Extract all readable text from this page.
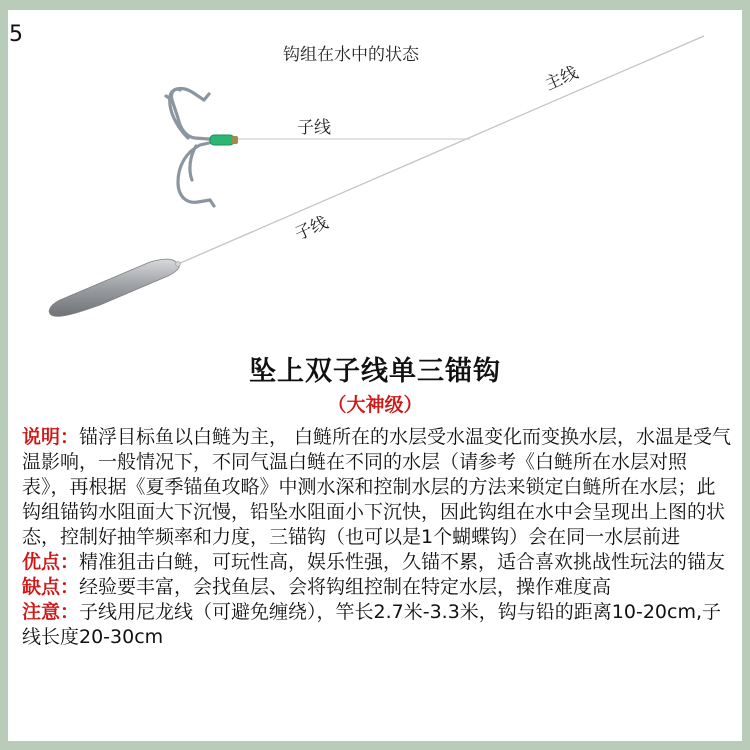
5
钩组在水中的状态
主线
子线
子线
坠上双子线单三锚钩
（大神级）

说明：锚浮目标鱼以白鲢为主， 白鲢所在的水层受水温变化而变换水层，水温是受气温影响，一般情况下，不同气温白鲢在不同的水层（请参考《白鲢所在水层对照表》，再根据《夏季锚鱼攻略》中测水深和控制水层的方法来锁定白鲢所在水层；此钩组锚钩水阻面大下沉慢，铅坠水阻面小下沉快，因此钩组在水中会呈现出上图的状态，控制好抽竿频率和力度，三锚钩（也可以是1个蝴蝶钩）会在同一水层前进

优点：精准狙击白鲢，可玩性高，娱乐性强，久锚不累，适合喜欢挑战性玩法的锚友

缺点：经验要丰富，会找鱼层、会将钩组控制在特定水层，操作难度高

注意：子线用尼龙线（可避免缠绕），竿长2.7米-3.3米，钩与铅的距离10-20cm,子线长度20-30cm
